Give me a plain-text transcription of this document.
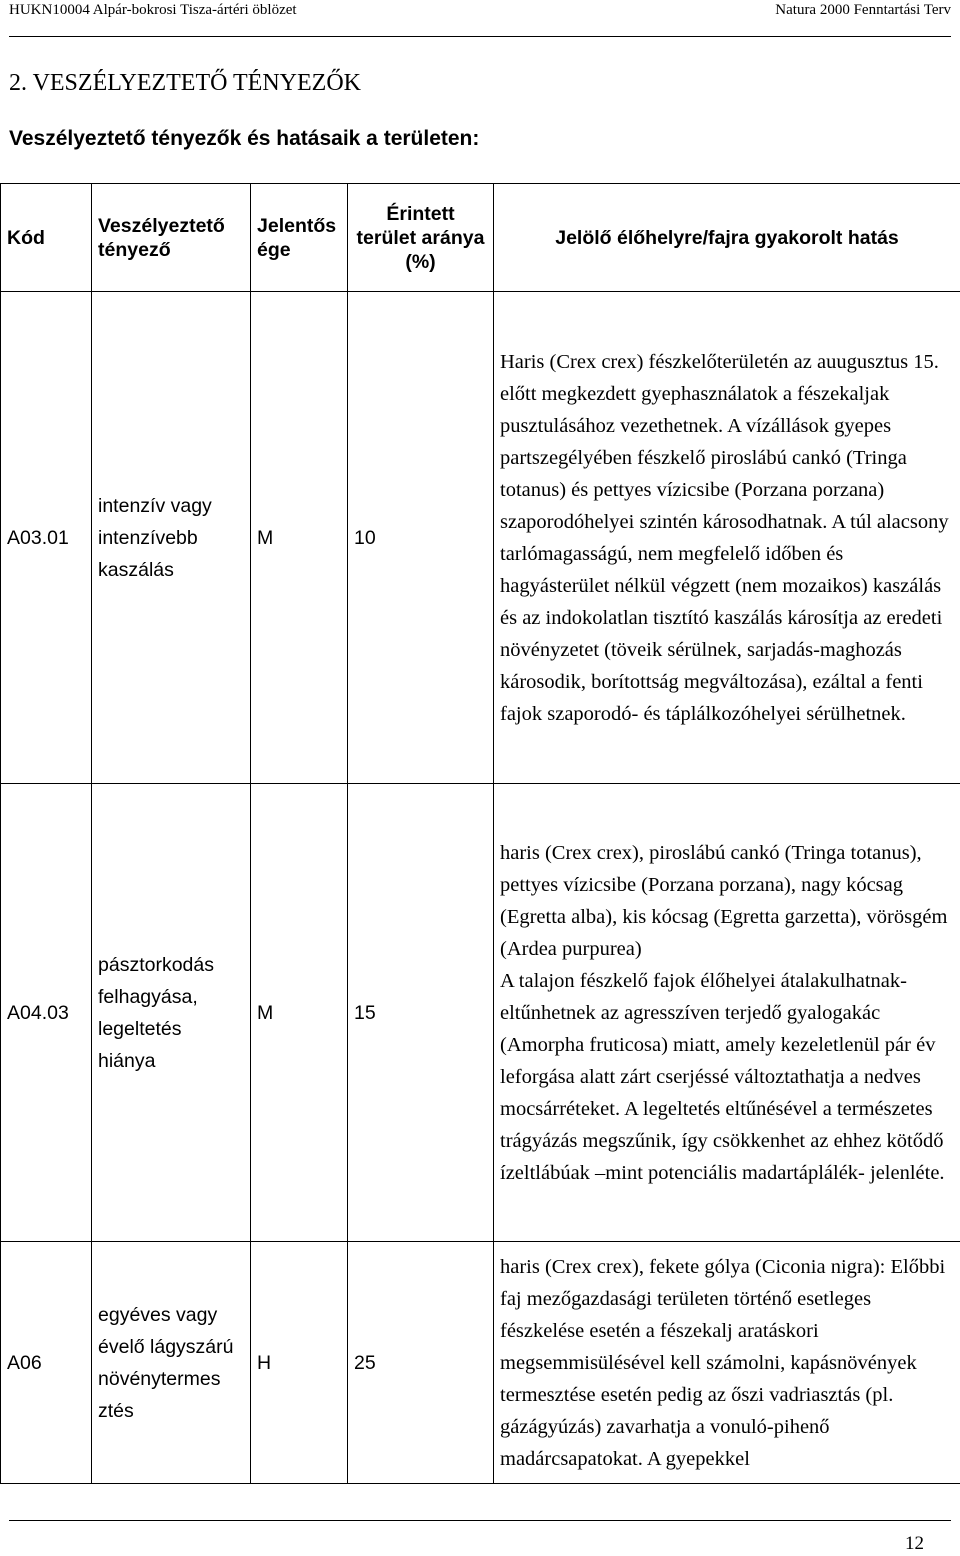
HUKN10004 Alpár-bokrosi Tisza-ártéri öblözet	Natura 2000 Fenntartási Terv
2. VESZÉLYEZTETŐ TÉNYEZŐK
Veszélyeztető tényezők és hatásaik a területen:
Kód	Veszélyeztető tényező	Jelentős ége	Érintett terület aránya (%)	Jelölő élőhelyre/fajra gyakorolt hatás
A03.01	intenzív vagy intenzívebb kaszálás	M	10	Haris (Crex crex) fészkelőterületén az auugusztus 15. előtt megkezdett gyephasználatok a fészekaljak pusztulásához vezethetnek. A vízállások gyepes partszegélyében fészkelő piroslábú cankó (Tringa totanus) és pettyes vízicsibe (Porzana porzana) szaporodóhelyei szintén károsodhatnak. A túl alacsony tarlómagasságú, nem megfelelő időben és hagyásterület nélkül végzett (nem mozaikos) kaszálás és az indokolatlan tisztító kaszálás károsítja az eredeti növényzetet (töveik sérülnek, sarjadás-maghozás károsodik, borítottság megváltozása), ezáltal a fenti fajok szaporodó- és táplálkozóhelyei sérülhetnek.
A04.03	pásztorkodás felhagyása, legeltetés hiánya	M	15	haris (Crex crex), piroslábú cankó (Tringa totanus), pettyes vízicsibe (Porzana porzana), nagy kócsag (Egretta alba), kis kócsag (Egretta garzetta), vörösgém (Ardea purpurea)
A talajon fészkelő fajok élőhelyei átalakulhatnak-eltűnhetnek az agresszíven terjedő gyalogakác (Amorpha fruticosa) miatt, amely kezeletlenül pár év leforgása alatt zárt cserjéssé változtathatja a nedves mocsárréteket. A legeltetés eltűnésével a természetes trágyázás megszűnik, így csökkenhet az ehhez kötődő ízeltlábúak –mint potenciális madartáplálék- jelenléte.
A06	egyéves vagy évelő lágyszárú növénytermes ztés	H	25	haris (Crex crex), fekete gólya (Ciconia nigra): Előbbi faj mezőgazdasági területen történő esetleges fészkelése esetén a fészekalj aratáskori megsemmisülésével kell számolni, kapásnövények termesztése esetén pedig az őszi vadriasztás (pl. gázágyúzás) zavarhatja a vonuló-pihenő madárcsapatokat. A gyepekkel
12
